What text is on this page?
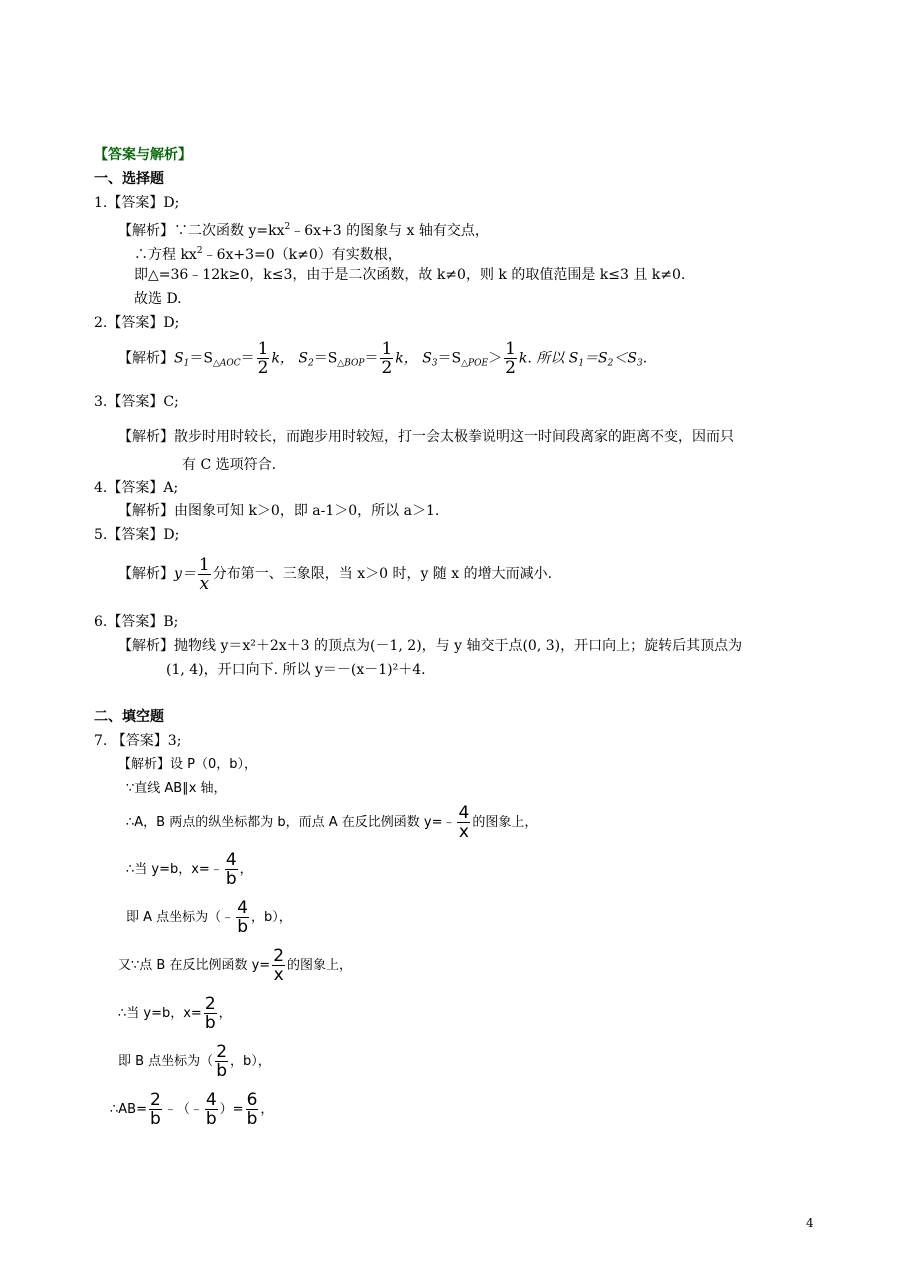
【答案与解析】
一、选择题
1.【答案】D;
【解析】∵二次函数 $y=kx^2﹣6x+3$ 的图象与 x 轴有交点，
∴方程 $kx^2﹣6x+3=0(k\ne 0)$有实数根，
即△=36﹣12k≥0，k≤3，由于是二次函数，故 k≠0，则 k 的取值范围是 k≤3 且 k≠0.
故选 D.
2.【答案】D;
【解析】$S_1=S_{\triangle AOC}= \frac{1}{2}$ k， $S_2=S_{\triangle BOP}= \frac{1}{2}$ k， $S_3=S_{\triangle POE}> \frac{1}{2} k$. 所以 $S_1=S_2<S_3$.
3.【答案】C;
【解析】散步时用时较长，而跑步用时较短，打一会太极拳说明这一时间段离家的距离不变，因而只
有 C 选项符合.
4.【答案】A;
【解析】由图象可知 k＞0，即 a-1＞0，所以 a＞1.
5.【答案】D;
【解析】$y= \frac{1}{x}$ 分布第一、三象限，当 x＞0 时，y 随 x 的增大而减小.
6.【答案】B;
【解析】抛物线 y＝x²＋2x＋3 的顶点为(－1, 2)，与 y 轴交于点(0, 3)，开口向上；旋转后其顶点为
(1, 4)，开口向下. 所以 y＝－(x－1)²＋4.
二、填空题
7. 【答案】3;
【解析】设 P（0，b），
∵直线 AB∥x 轴，
∴A，B 两点的纵坐标都为 b，而点 A 在反比例函数 y=﹣ $\frac{4}{x}$ 的图象上，
∴当 y=b，x=﹣ $\frac{4}{b}$ ，
即 A 点坐标为（﹣ $\frac{4}{b}$ ，b），
又∵点 B 在反比例函数 $y= \frac{2}{x}$ 的图象上，
∴当 y=b，$x= \frac{2}{b}$ ，
即 B 点坐标为（ $\frac{2}{b}$ ，b），
∴AB= $\frac{2}{b}$ ﹣（﹣ $\frac{4}{b}$ ）= $\frac{6}{b}$ ，
4
